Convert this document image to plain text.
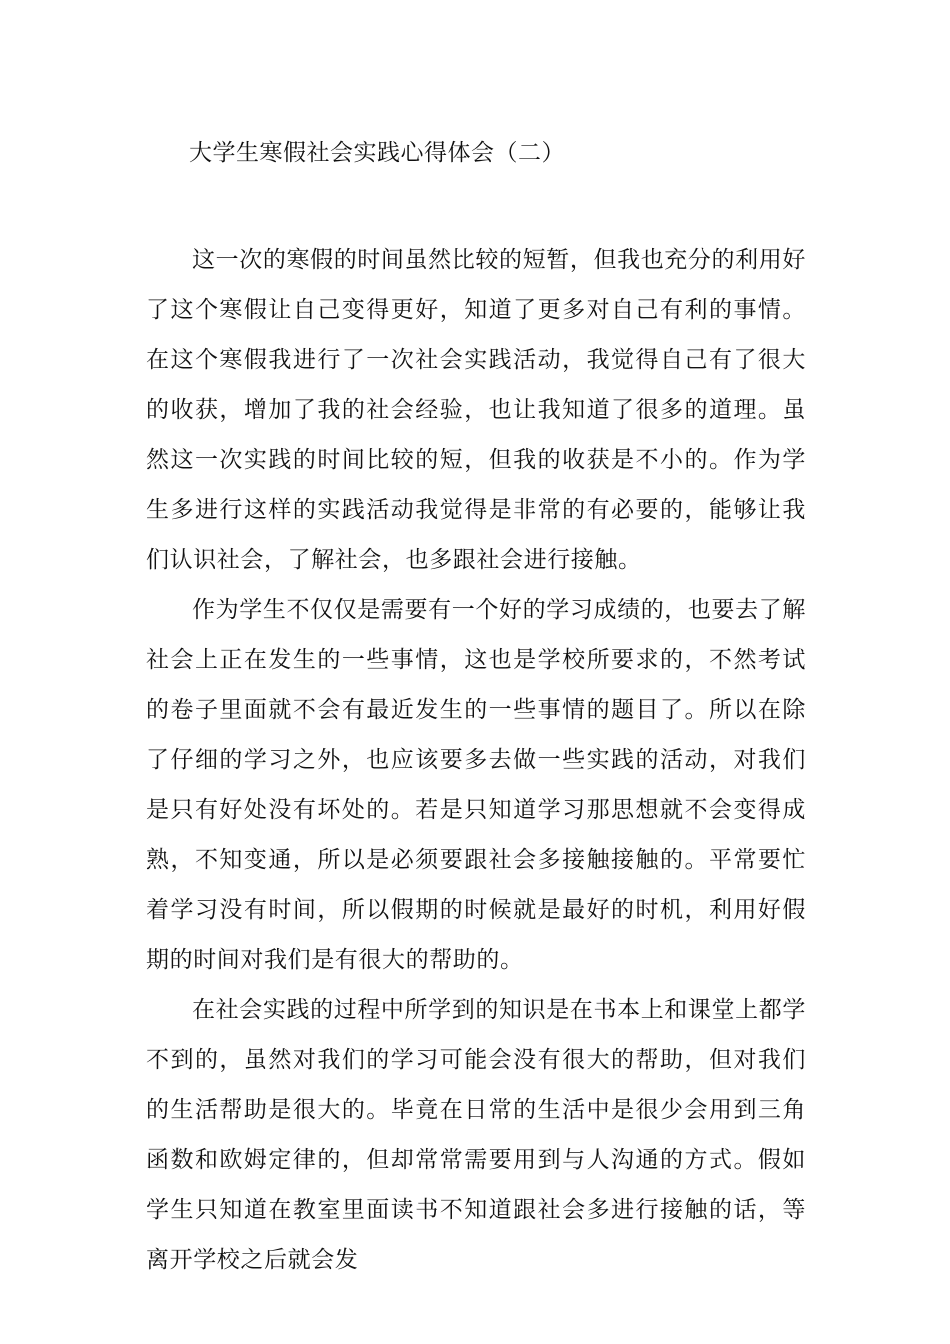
大学生寒假社会实践心得体会（二）

这一次的寒假的时间虽然比较的短暂，但我也充分的利用好了这个寒假让自己变得更好，知道了更多对自己有利的事情。在这个寒假我进行了一次社会实践活动，我觉得自己有了很大的收获，增加了我的社会经验，也让我知道了很多的道理。虽然这一次实践的时间比较的短，但我的收获是不小的。作为学生多进行这样的实践活动我觉得是非常的有必要的，能够让我们认识社会，了解社会，也多跟社会进行接触。

作为学生不仅仅是需要有一个好的学习成绩的，也要去了解社会上正在发生的一些事情，这也是学校所要求的，不然考试的卷子里面就不会有最近发生的一些事情的题目了。所以在除了仔细的学习之外，也应该要多去做一些实践的活动，对我们是只有好处没有坏处的。若是只知道学习那思想就不会变得成熟，不知变通，所以是必须要跟社会多接触接触的。平常要忙着学习没有时间，所以假期的时候就是最好的时机，利用好假期的时间对我们是有很大的帮助的。

在社会实践的过程中所学到的知识是在书本上和课堂上都学不到的，虽然对我们的学习可能会没有很大的帮助，但对我们的生活帮助是很大的。毕竟在日常的生活中是很少会用到三角函数和欧姆定律的，但却常常需要用到与人沟通的方式。假如学生只知道在教室里面读书不知道跟社会多进行接触的话，等离开学校之后就会发
